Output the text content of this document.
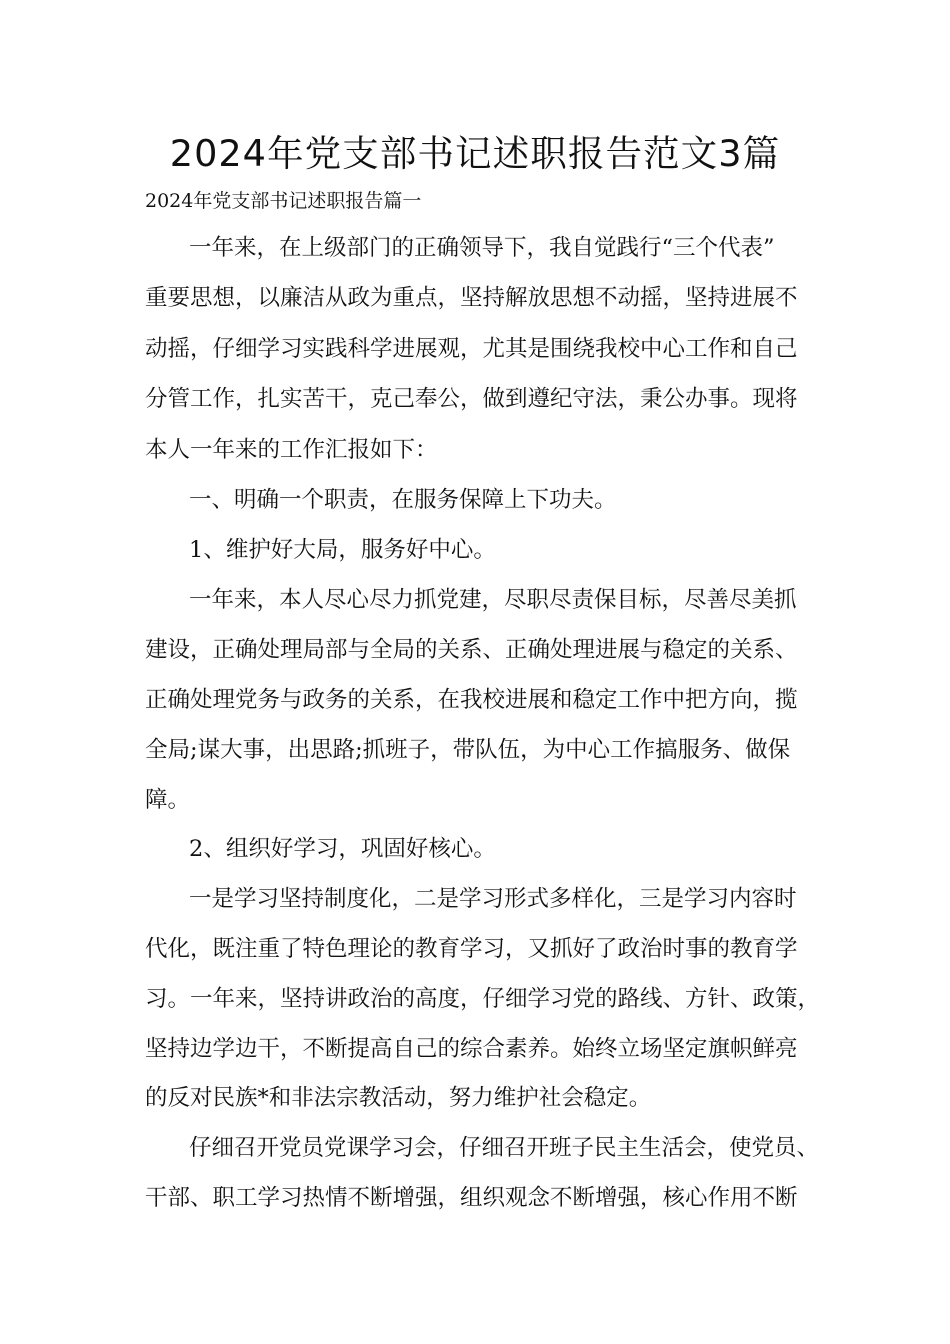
2024年党支部书记述职报告范文3篇

2024年党支部书记述职报告篇一

一年来，在上级部门的正确领导下，我自觉践行“三个代表”

重要思想，以廉洁从政为重点，坚持解放思想不动摇，坚持进展不

动摇，仔细学习实践科学进展观，尤其是围绕我校中心工作和自己

分管工作，扎实苦干，克己奉公，做到遵纪守法，秉公办事。现将

本人一年来的工作汇报如下：

一、明确一个职责，在服务保障上下功夫。

1、维护好大局，服务好中心。

一年来，本人尽心尽力抓党建，尽职尽责保目标，尽善尽美抓

建设，正确处理局部与全局的关系、正确处理进展与稳定的关系、

正确处理党务与政务的关系，在我校进展和稳定工作中把方向，揽

全局;谋大事，出思路;抓班子，带队伍，为中心工作搞服务、做保

障。

2、组织好学习，巩固好核心。

一是学习坚持制度化，二是学习形式多样化，三是学习内容时

代化，既注重了特色理论的教育学习，又抓好了政治时事的教育学

习。一年来，坚持讲政治的高度，仔细学习党的路线、方针、政策，

坚持边学边干，不断提高自己的综合素养。始终立场坚定旗帜鲜亮

的反对民族*和非法宗教活动，努力维护社会稳定。

仔细召开党员党课学习会，仔细召开班子民主生活会，使党员、

干部、职工学习热情不断增强，组织观念不断增强，核心作用不断
